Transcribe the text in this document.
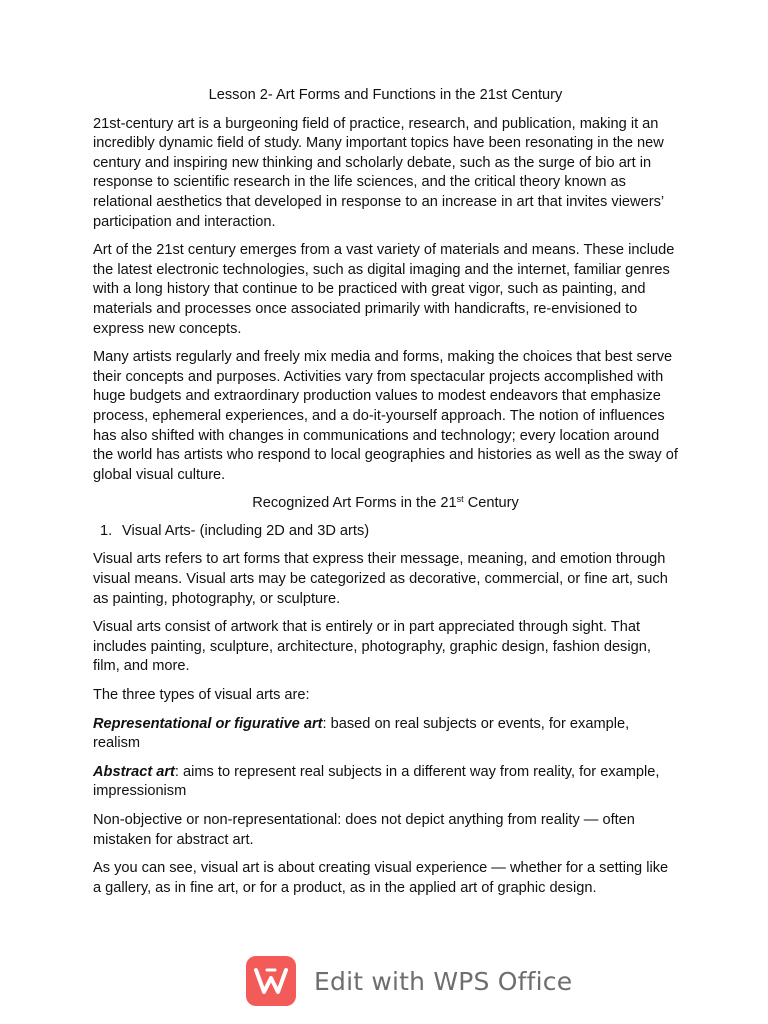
Lesson 2- Art Forms and Functions in the 21st Century

21st-century art is a burgeoning field of practice, research, and publication, making it an incredibly dynamic field of study. Many important topics have been resonating in the new century and inspiring new thinking and scholarly debate, such as the surge of bio art in response to scientific research in the life sciences, and the critical theory known as relational aesthetics that developed in response to an increase in art that invites viewers’ participation and interaction.

Art of the 21st century emerges from a vast variety of materials and means. These include the latest electronic technologies, such as digital imaging and the internet, familiar genres with a long history that continue to be practiced with great vigor, such as painting, and materials and processes once associated primarily with handicrafts, re-envisioned to express new concepts.

Many artists regularly and freely mix media and forms, making the choices that best serve their concepts and purposes. Activities vary from spectacular projects accomplished with huge budgets and extraordinary production values to modest endeavors that emphasize process, ephemeral experiences, and a do-it-yourself approach. The notion of influences has also shifted with changes in communications and technology; every location around the world has artists who respond to local geographies and histories as well as the sway of global visual culture.

Recognized Art Forms in the 21st Century

1. Visual Arts- (including 2D and 3D arts)

Visual arts refers to art forms that express their message, meaning, and emotion through visual means. Visual arts may be categorized as decorative, commercial, or fine art, such as painting, photography, or sculpture.

Visual arts consist of artwork that is entirely or in part appreciated through sight. That includes painting, sculpture, architecture, photography, graphic design, fashion design, film, and more.

The three types of visual arts are:

Representational or figurative art: based on real subjects or events, for example, realism

Abstract art: aims to represent real subjects in a different way from reality, for example, impressionism

Non-objective or non-representational: does not depict anything from reality — often mistaken for abstract art.

As you can see, visual art is about creating visual experience — whether for a setting like a gallery, as in fine art, or for a product, as in the applied art of graphic design.

Edit with WPS Office
